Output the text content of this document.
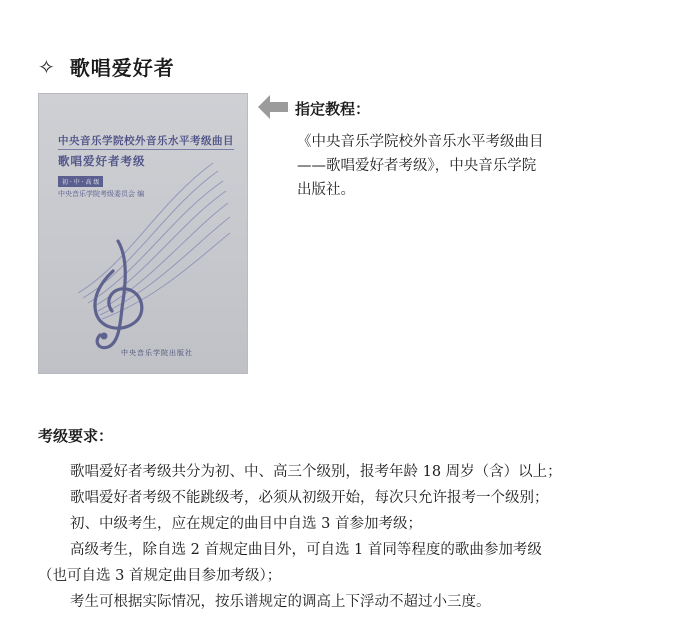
✧ 歌唱爱好者
中央音乐学院校外音乐水平考级曲目
歌唱爱好者考级
初 · 中 · 高 级
中央音乐学院考级委员会 编
中央音乐学院出版社
指定教程：
《中央音乐学院校外音乐水平考级曲目
——歌唱爱好者考级》，中央音乐学院
出版社。
考级要求：
歌唱爱好者考级共分为初、中、高三个级别，报考年龄 18 周岁（含）以上；
歌唱爱好者考级不能跳级考，必须从初级开始，每次只允许报考一个级别；
初、中级考生，应在规定的曲目中自选 3 首参加考级；
高级考生，除自选 2 首规定曲目外，可自选 1 首同等程度的歌曲参加考级
（也可自选 3 首规定曲目参加考级）；
考生可根据实际情况，按乐谱规定的调高上下浮动不超过小三度。
